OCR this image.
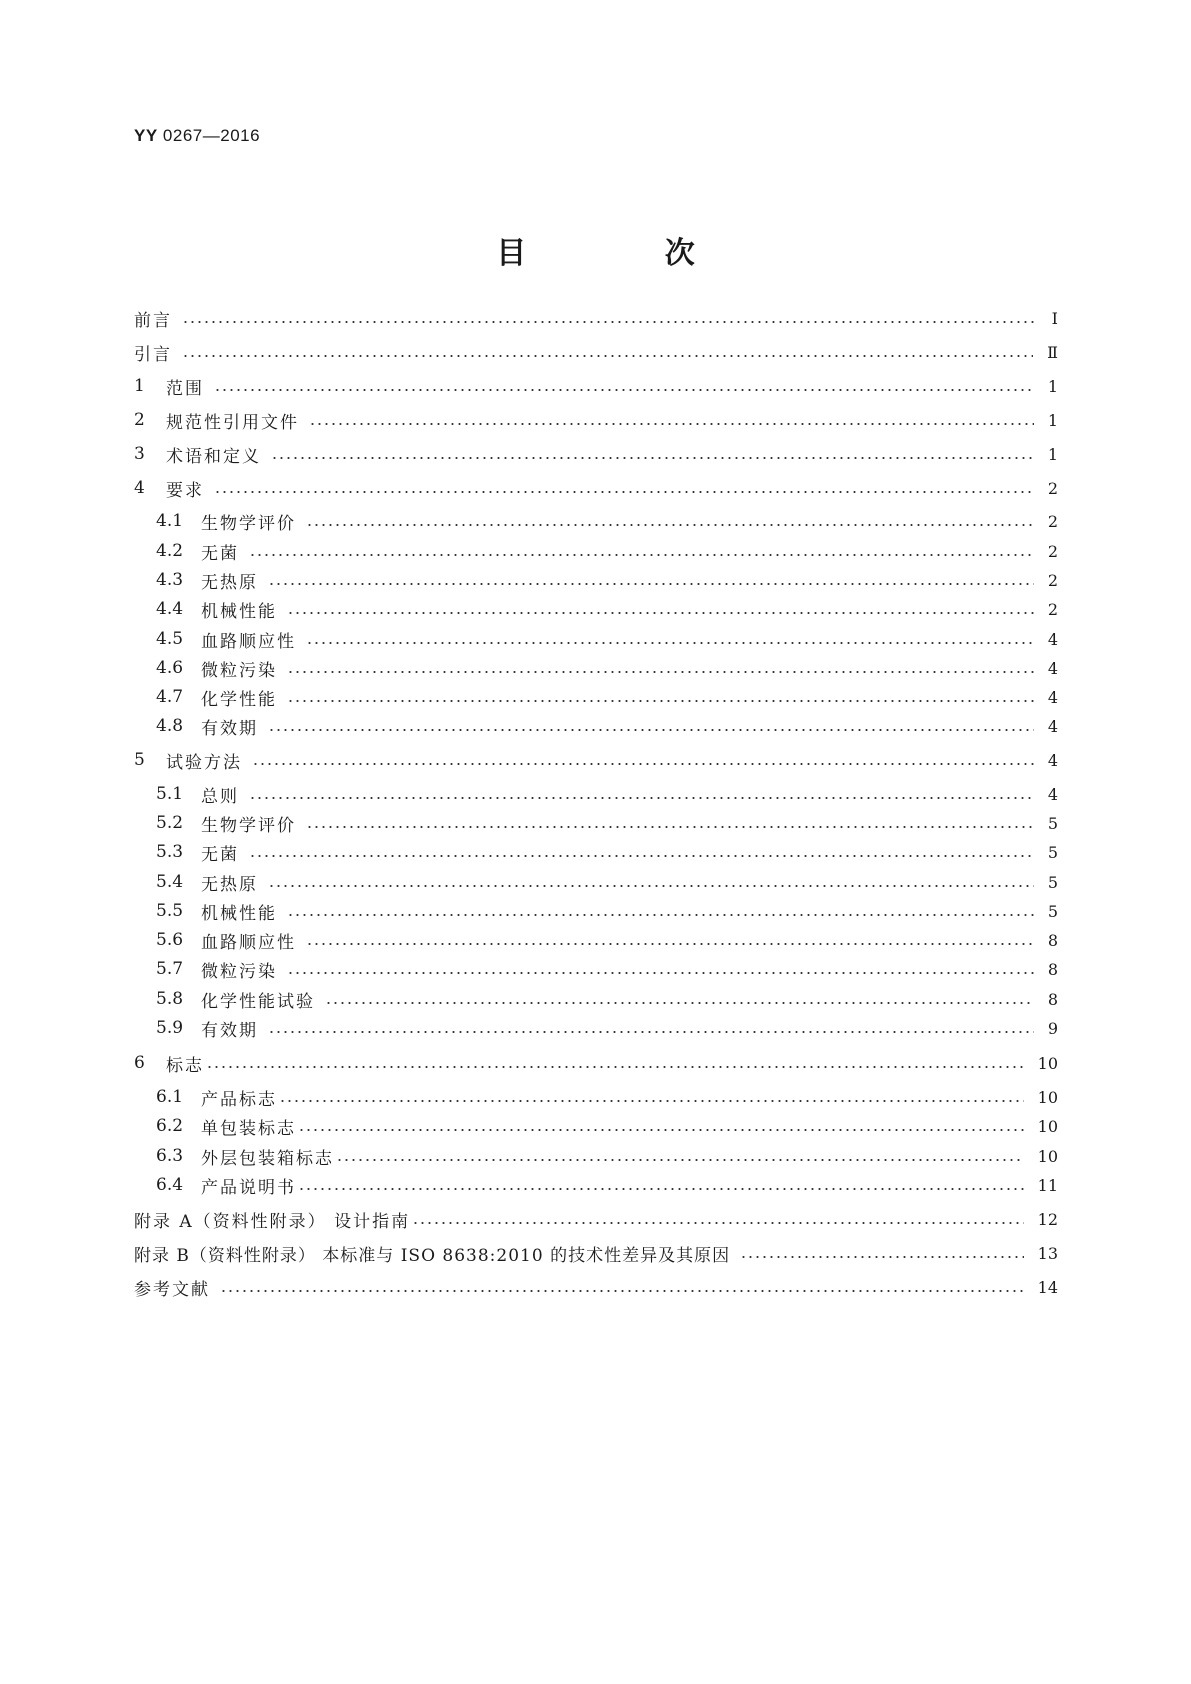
YY 0267—2016
目 次
前言	Ⅰ
引言	Ⅱ
1	范围	1
2	规范性引用文件	1
3	术语和定义	1
4	要求	2
4.1	生物学评价	2
4.2	无菌	2
4.3	无热原	2
4.4	机械性能	2
4.5	血路顺应性	4
4.6	微粒污染	4
4.7	化学性能	4
4.8	有效期	4
5	试验方法	4
5.1	总则	4
5.2	生物学评价	5
5.3	无菌	5
5.4	无热原	5
5.5	机械性能	5
5.6	血路顺应性	8
5.7	微粒污染	8
5.8	化学性能试验	8
5.9	有效期	9
6	标志	10
6.1	产品标志	10
6.2	单包装标志	10
6.3	外层包装箱标志	10
6.4	产品说明书	11
附录 A（资料性附录） 设计指南	12
附录 B（资料性附录） 本标准与 ISO 8638:2010 的技术性差异及其原因	13
参考文献	14
